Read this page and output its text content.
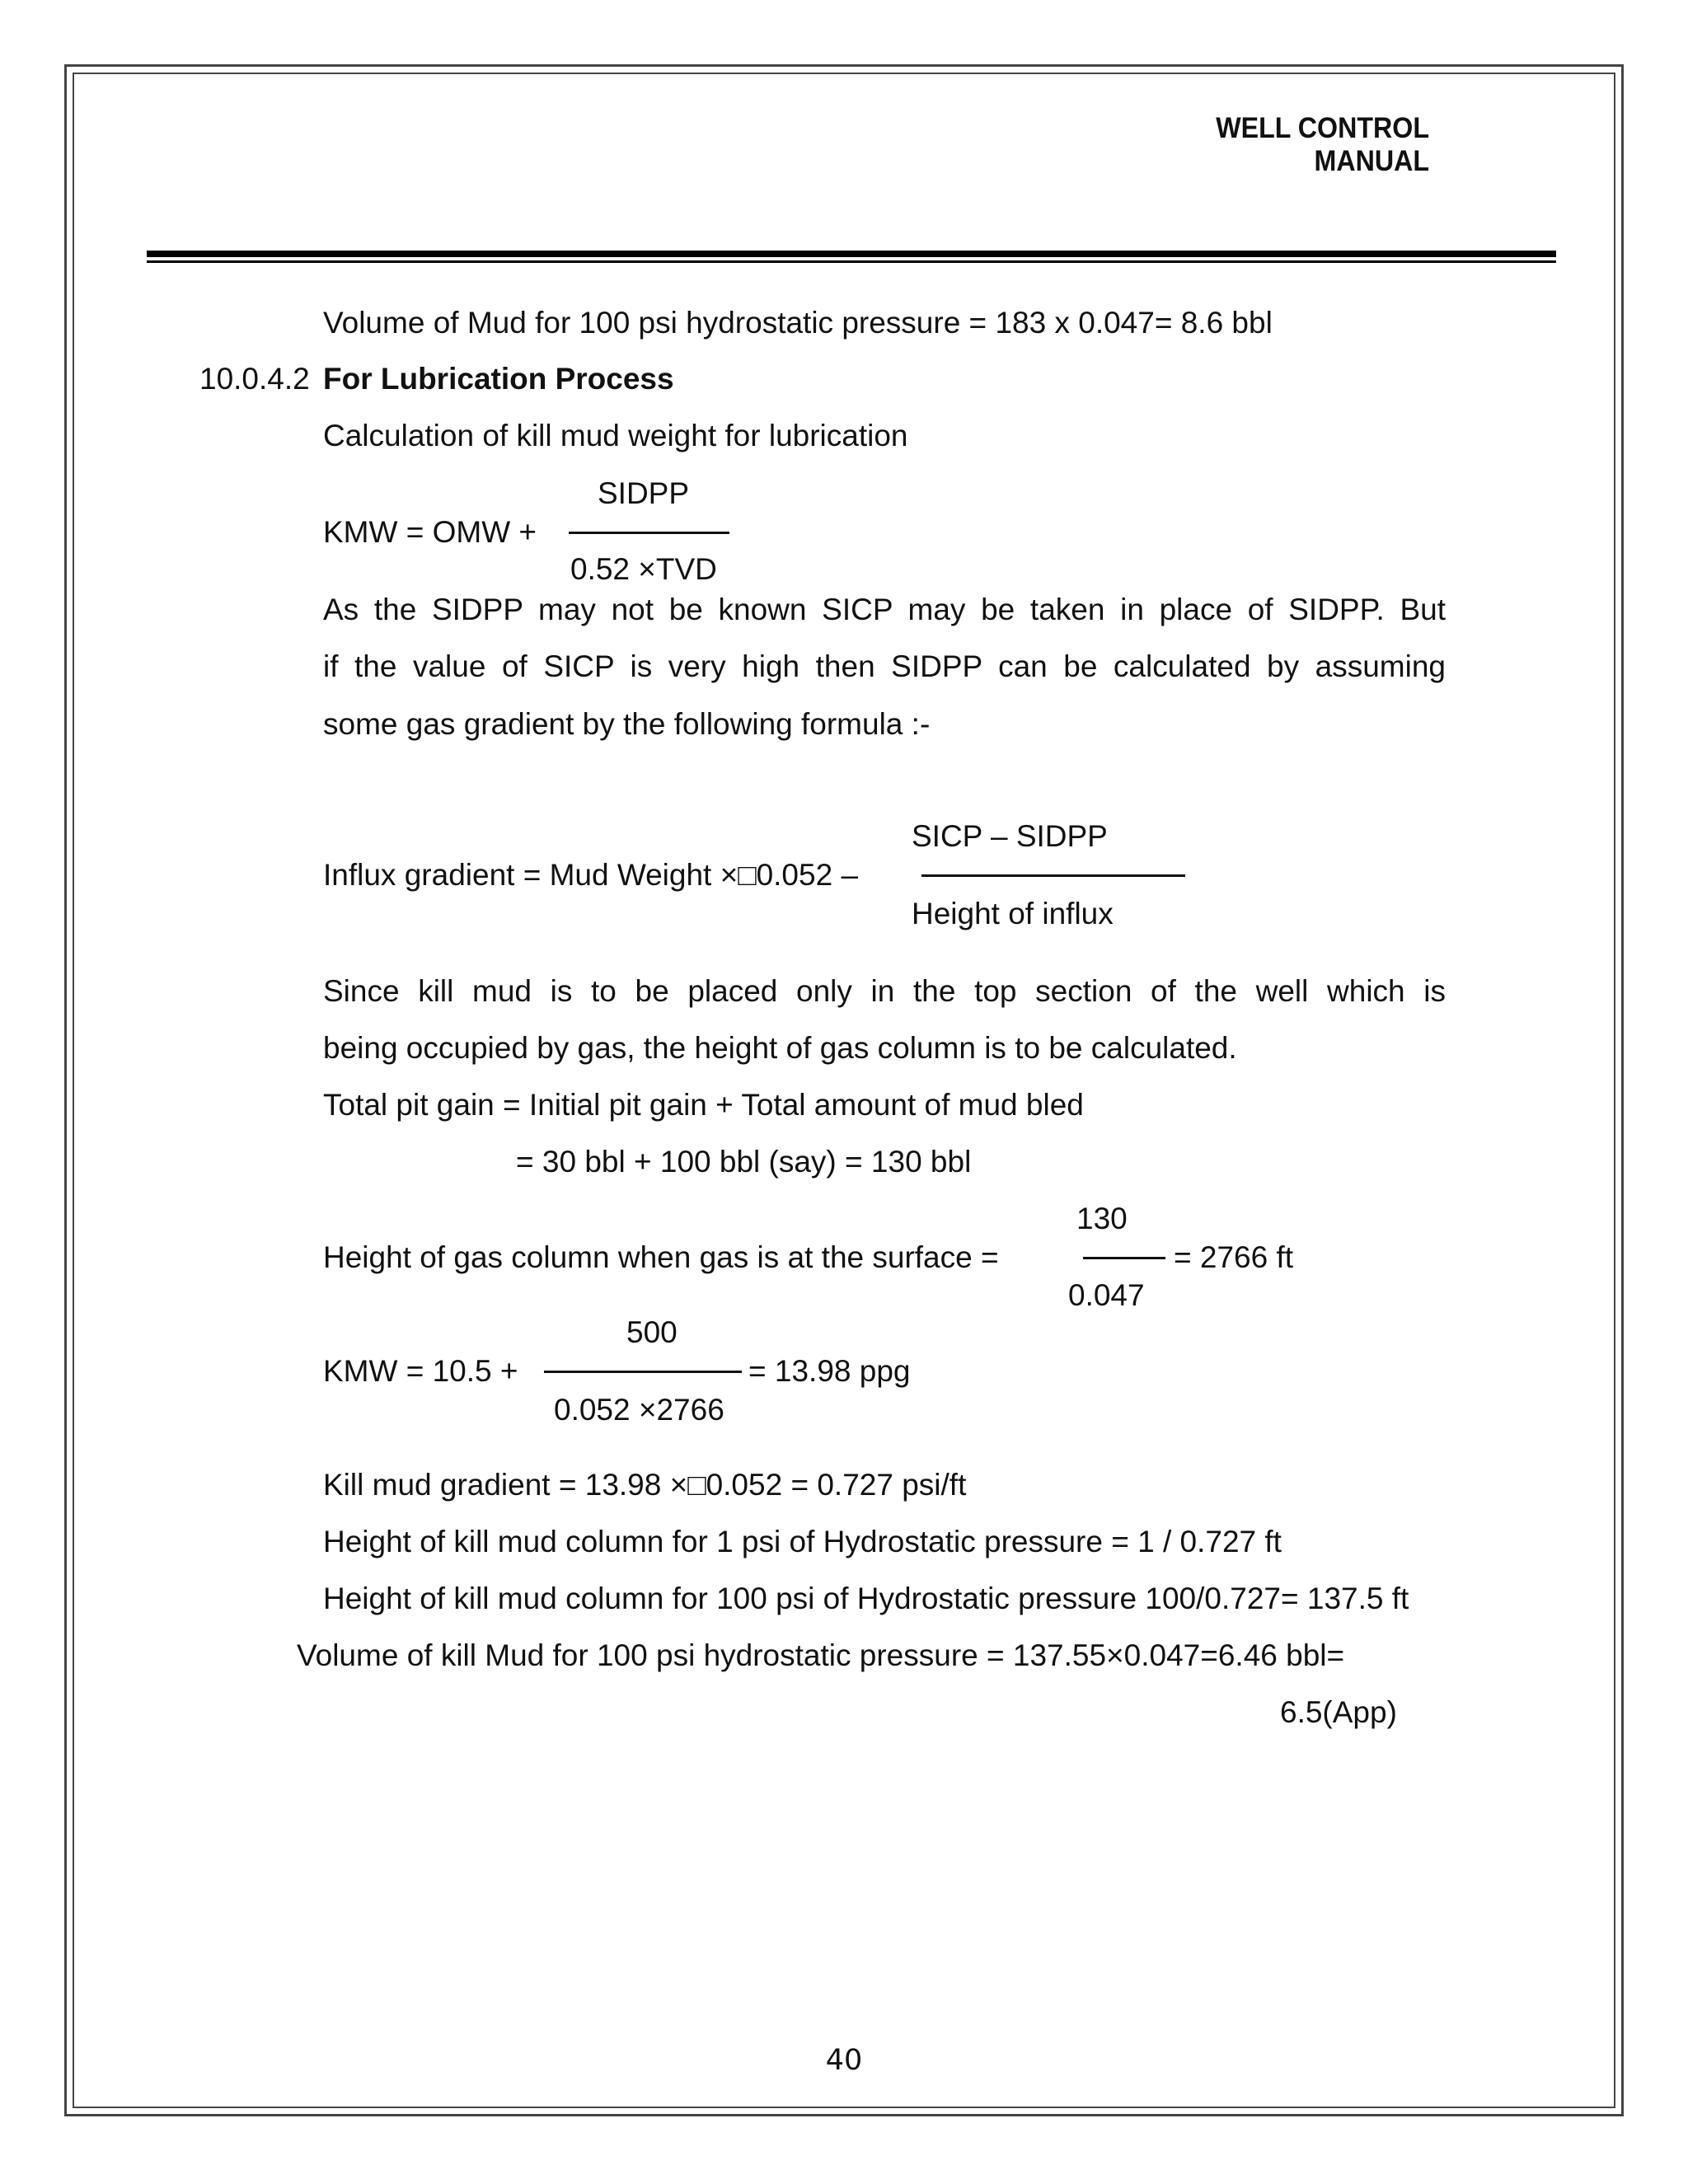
WELL CONTROL MANUAL
Volume of Mud for 100 psi hydrostatic pressure = 183 x 0.047= 8.6 bbl
10.0.4.2 For Lubrication Process
Calculation of kill mud weight for lubrication
SIDPP
KMW = OMW +
0.52 ×TVD
As the SIDPP may not be known SICP may be taken in place of SIDPP. But
if the value of SICP is very high then SIDPP can be calculated by assuming
some gas gradient by the following formula :-
SICP – SIDPP
Influx gradient = Mud Weight ×□0.052 –
Height of influx
Since kill mud is to be placed only in the top section of the well which is
being occupied by gas, the height of gas column is to be calculated.
Total pit gain = Initial pit gain + Total amount of mud bled
= 30 bbl + 100 bbl (say) = 130 bbl
130
Height of gas column when gas is at the surface =	= 2766 ft
0.047
500
KMW = 10.5 +	= 13.98 ppg
0.052 ×2766
Kill mud gradient = 13.98 ×□0.052 = 0.727 psi/ft
Height of kill mud column for 1 psi of Hydrostatic pressure = 1 / 0.727 ft
Height of kill mud column for 100 psi of Hydrostatic pressure 100/0.727= 137.5 ft
Volume of kill Mud for 100 psi hydrostatic pressure = 137.55×0.047=6.46 bbl=
6.5(App)
40
